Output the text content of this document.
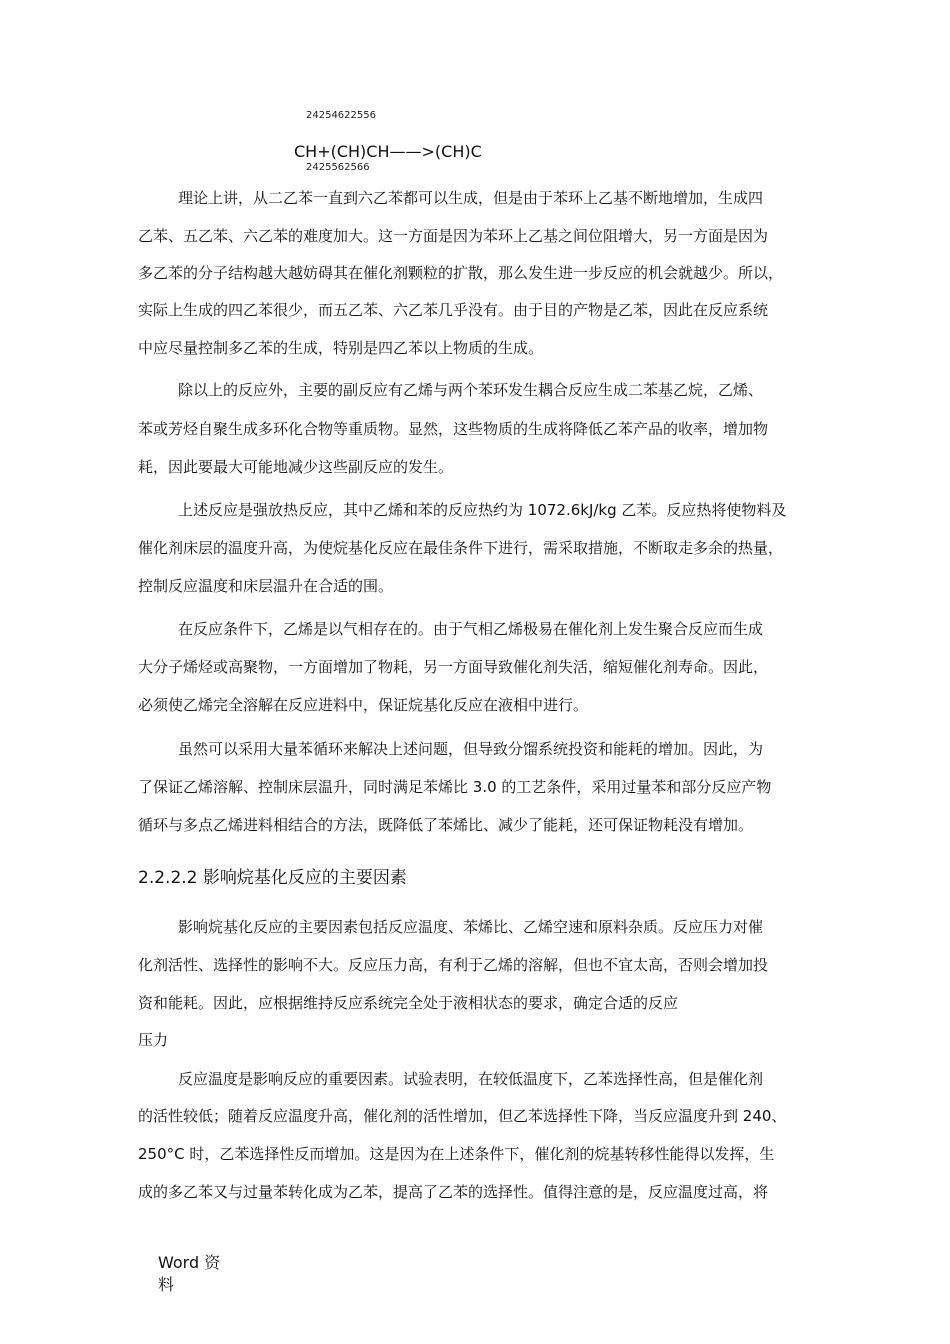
24254622556
CH+(CH)CH——>(CH)C
2425562566
理论上讲，从二乙苯一直到六乙苯都可以生成，但是由于苯环上乙基不断地增加，生成四
乙苯、五乙苯、六乙苯的难度加大。这一方面是因为苯环上乙基之间位阻增大，另一方面是因为
多乙苯的分子结构越大越妨碍其在催化剂颗粒的扩散，那么发生进一步反应的机会就越少。所以，
实际上生成的四乙苯很少，而五乙苯、六乙苯几乎没有。由于目的产物是乙苯，因此在反应系统
中应尽量控制多乙苯的生成，特别是四乙苯以上物质的生成。
除以上的反应外，主要的副反应有乙烯与两个苯环发生耦合反应生成二苯基乙烷，乙烯、
苯或芳烃自聚生成多环化合物等重质物。显然，这些物质的生成将降低乙苯产品的收率，增加物
耗，因此要最大可能地减少这些副反应的发生。
上述反应是强放热反应，其中乙烯和苯的反应热约为 1072.6kJ/kg 乙苯。反应热将使物料及
催化剂床层的温度升高，为使烷基化反应在最佳条件下进行，需采取措施，不断取走多余的热量，
控制反应温度和床层温升在合适的围。
在反应条件下，乙烯是以气相存在的。由于气相乙烯极易在催化剂上发生聚合反应而生成
大分子烯烃或高聚物，一方面增加了物耗，另一方面导致催化剂失活，缩短催化剂寿命。因此，
必须使乙烯完全溶解在反应进料中，保证烷基化反应在液相中进行。
虽然可以采用大量苯循环来解决上述问题，但导致分馏系统投资和能耗的增加。因此，为
了保证乙烯溶解、控制床层温升，同时满足苯烯比 3.0 的工艺条件，采用过量苯和部分反应产物
循环与多点乙烯进料相结合的方法，既降低了苯烯比、减少了能耗，还可保证物耗没有增加。
2.2.2.2 影响烷基化反应的主要因素
影响烷基化反应的主要因素包括反应温度、苯烯比、乙烯空速和原料杂质。反应压力对催
化剂活性、选择性的影响不大。反应压力高，有利于乙烯的溶解，但也不宜太高，否则会增加投
资和能耗。因此，应根据维持反应系统完全处于液相状态的要求，确定合适的反应
压力
反应温度是影响反应的重要因素。试验表明，在较低温度下，乙苯选择性高，但是催化剂
的活性较低；随着反应温度升高，催化剂的活性增加，但乙苯选择性下降，当反应温度升到 240、
250°C 时，乙苯选择性反而增加。这是因为在上述条件下，催化剂的烷基转移性能得以发挥，生
成的多乙苯又与过量苯转化成为乙苯，提高了乙苯的选择性。值得注意的是，反应温度过高，将
Word 资
料
